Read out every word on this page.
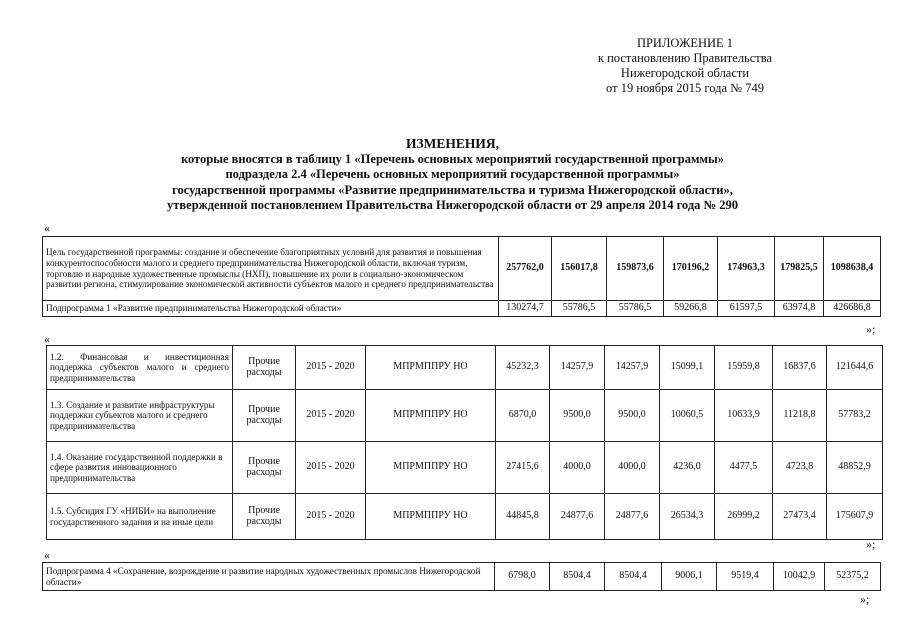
ПРИЛОЖЕНИЕ 1
к постановлению Правительства
Нижегородской области
от 19 ноября 2015 года № 749
ИЗМЕНЕНИЯ,
которые вносятся в таблицу 1 «Перечень основных мероприятий государственной программы»
подраздела 2.4 «Перечень основных мероприятий государственной программы»
государственной программы «Развитие предпринимательства и туризма Нижегородской области»,
утвержденной постановлением Правительства Нижегородской области от 29 апреля 2014 года № 290
«
Цель государственной программы: создание и обеспечение благоприятных условий для развития и повышения конкурентоспособности малого и среднего предпринимательства Нижегородской области, включая туризм, торговлю и народные художественные промыслы (НХП), повышение их роли в социально-экономическом развитии региона, стимулирование экономической активности субъектов малого и среднего предпринимательства	257762,0	156017,8	159873,6	170196,2	174963,3	179825,5	1098638,4
Подпрограмма 1 «Развитие предпринимательства Нижегородской области»	130274,7	55786,5	55786,5	59266,8	61597,5	63974,8	426686,8
»;
«
1.2. Финансовая и инвестиционная поддержка субъектов малого и среднего предпринимательства	Прочие расходы	2015 - 2020	МПРМППРУ НО	45232,3	14257,9	14257,9	15099,1	15959,8	16837,6	121644,6
1.3. Создание и развитие инфраструктуры поддержки субъектов малого и среднего предпринимательства	Прочие расходы	2015 - 2020	МПРМППРУ НО	6870,0	9500,0	9500,0	10060,5	10633,9	11218,8	57783,2
1.4. Оказание государственной поддержки в сфере развития инновационного предпринимательства	Прочие расходы	2015 - 2020	МПРМППРУ НО	27415,6	4000,0	4000,0	4236,0	4477,5	4723,8	48852,9
1.5. Субсидия ГУ «НИБИ» на выполнение государственного задания и на иные цели	Прочие расходы	2015 - 2020	МПРМППРУ НО	44845,8	24877,6	24877,6	26534,3	26999,2	27473,4	175607,9
»;
«
Подпрограмма 4 «Сохранение, возрождение и развитие народных художественных промыслов Нижегородской области»	6798,0	8504,4	8504,4	9006,1	9519,4	10042,9	52375,2
»;
